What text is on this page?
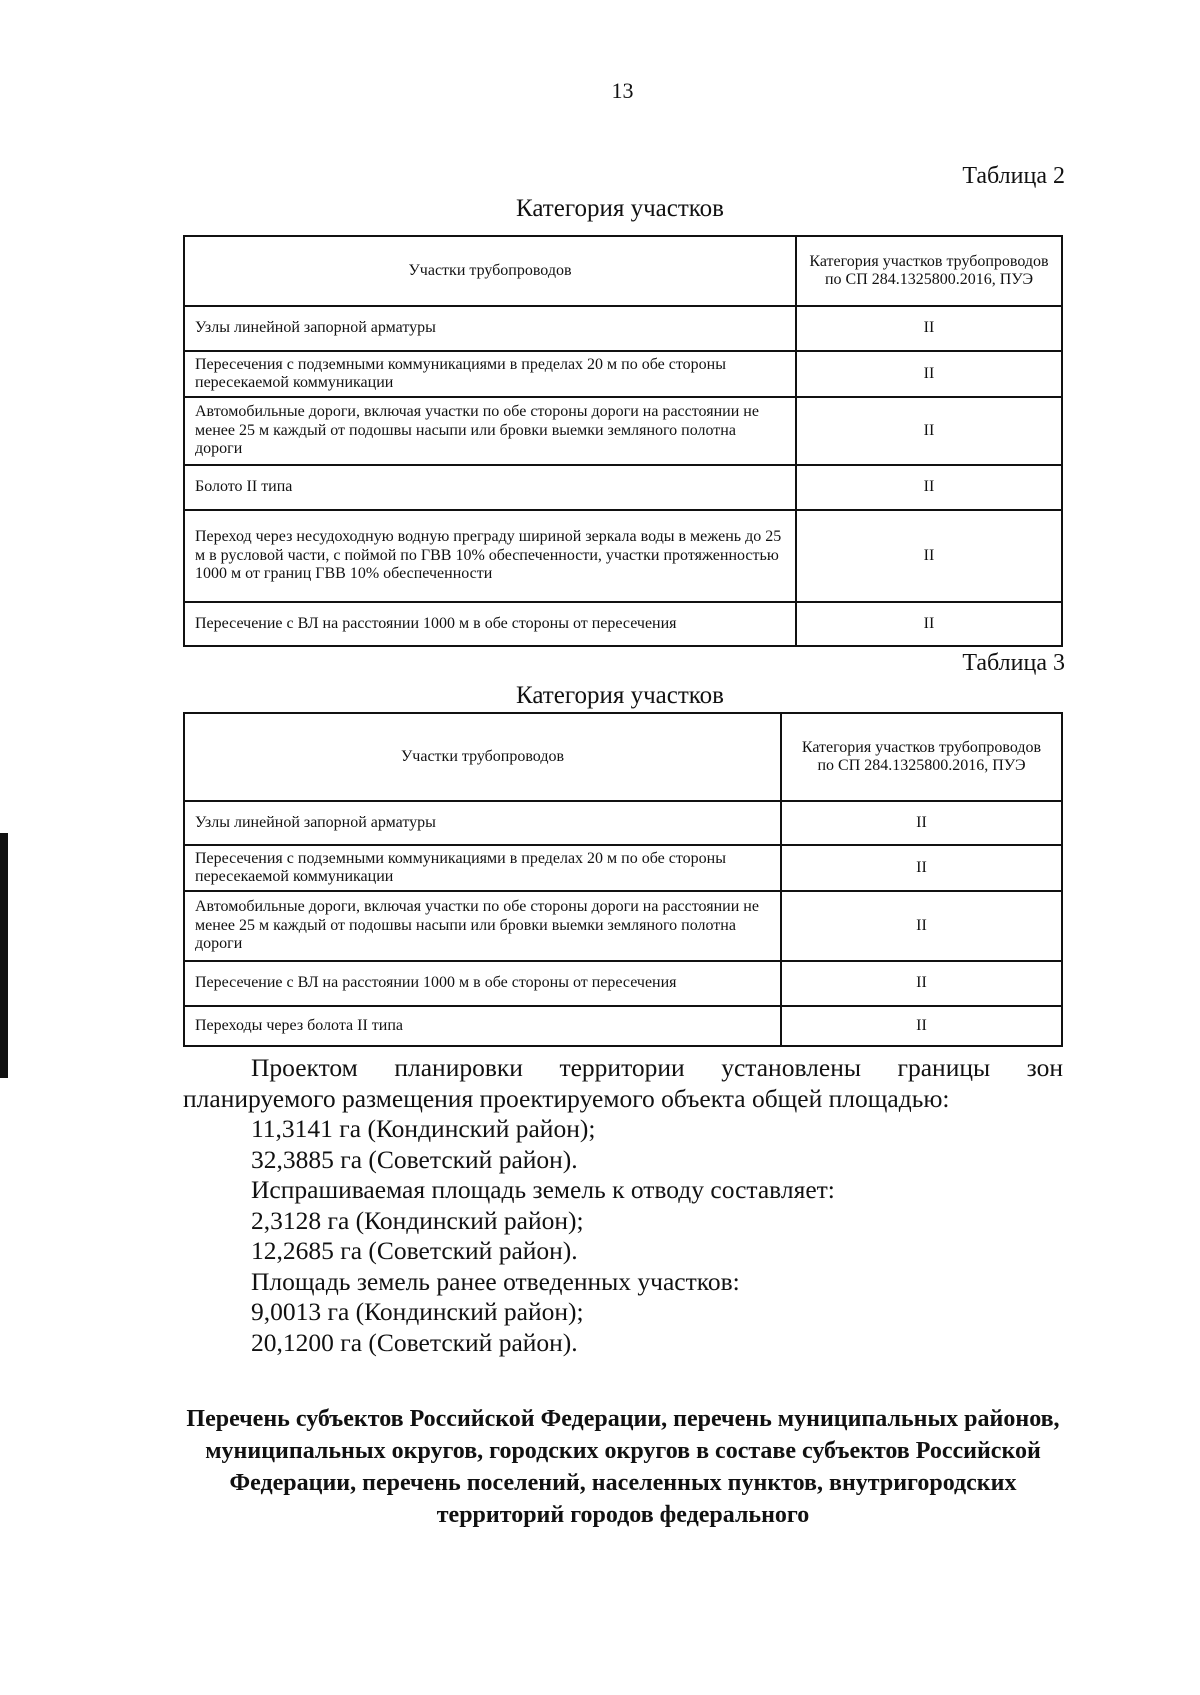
13
Таблица 2
Категория участков
Участки трубопроводов	Категория участков трубопроводов по СП 284.1325800.2016, ПУЭ
Узлы линейной запорной арматуры	II
Пересечения с подземными коммуникациями в пределах 20 м по обе стороны пересекаемой коммуникации	II
Автомобильные дороги, включая участки по обе стороны дороги на расстоянии не менее 25 м каждый от подошвы насыпи или бровки выемки земляного полотна дороги	II
Болото II типа	II
Переход через несудоходную водную преграду шириной зеркала воды в межень до 25 м в русловой части, с поймой по ГВВ 10% обеспеченности, участки протяженностью 1000 м от границ ГВВ 10% обеспеченности	II
Пересечение с ВЛ на расстоянии 1000 м в обе стороны от пересечения	II
Таблица 3
Категория участков
Участки трубопроводов	Категория участков трубопроводов по СП 284.1325800.2016, ПУЭ
Узлы линейной запорной арматуры	II
Пересечения с подземными коммуникациями в пределах 20 м по обе стороны пересекаемой коммуникации	II
Автомобильные дороги, включая участки по обе стороны дороги на расстоянии не менее 25 м каждый от подошвы насыпи или бровки выемки земляного полотна дороги	II
Пересечение с ВЛ на расстоянии 1000 м в обе стороны от пересечения	II
Переходы через болота II типа	II

Проектом планировки территории установлены границы зон

планируемого размещения проектируемого объекта общей площадью:

11,3141 га (Кондинский район);

32,3885 га (Советский район).

Испрашиваемая площадь земель к отводу составляет:

2,3128 га (Кондинский район);

12,2685 га (Советский район).

Площадь земель ранее отведенных участков:

9,0013 га (Кондинский район);

20,1200 га (Советский район).

Перечень субъектов Российской Федерации, перечень муниципальных районов, муниципальных округов, городских округов в составе субъектов Российской Федерации, перечень поселений, населенных пунктов, внутригородских территорий городов федерального
